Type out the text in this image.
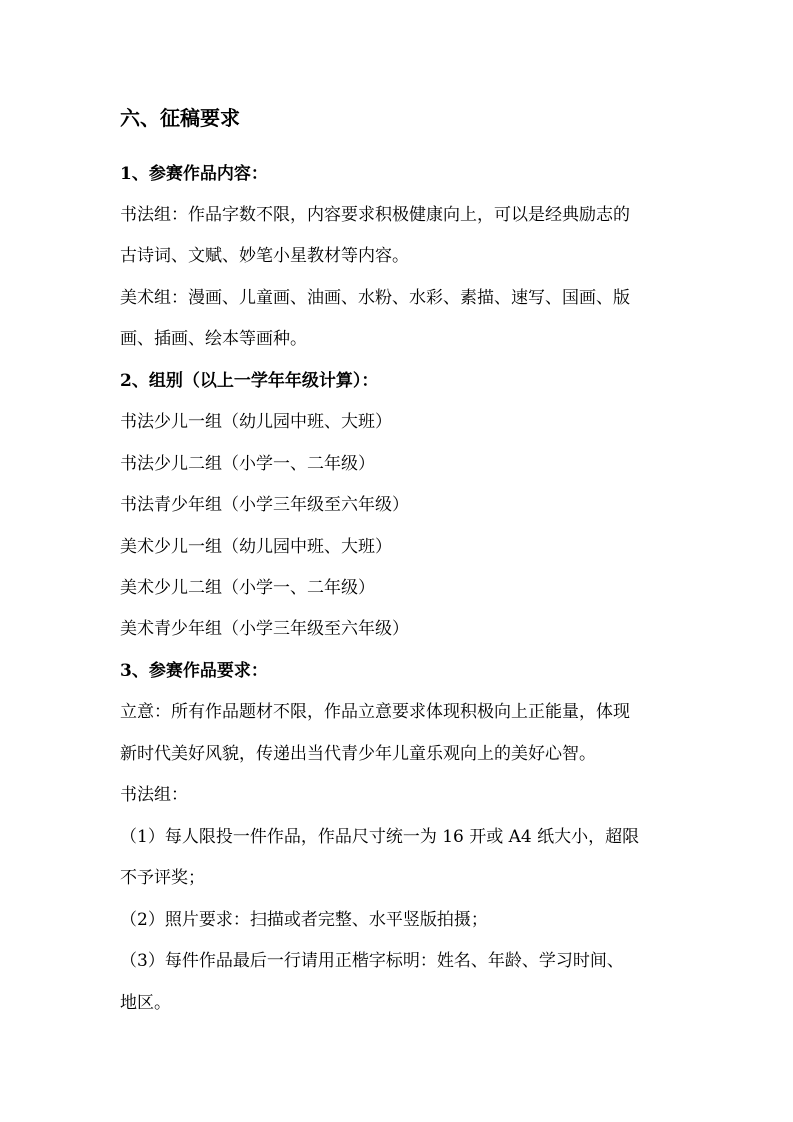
六、征稿要求
1、参赛作品内容：
书法组：作品字数不限，内容要求积极健康向上，可以是经典励志的
古诗词、文赋、妙笔小星教材等内容。
美术组：漫画、儿童画、油画、水粉、水彩、素描、速写、国画、版
画、插画、绘本等画种。
2、组别（以上一学年年级计算）：
书法少儿一组（幼儿园中班、大班）
书法少儿二组（小学一、二年级）
书法青少年组（小学三年级至六年级）
美术少儿一组（幼儿园中班、大班）
美术少儿二组（小学一、二年级）
美术青少年组（小学三年级至六年级）
3、参赛作品要求：
立意：所有作品题材不限，作品立意要求体现积极向上正能量，体现
新时代美好风貌，传递出当代青少年儿童乐观向上的美好心智。
书法组：
（1）每人限投一件作品，作品尺寸统一为 16 开或 A4 纸大小，超限
不予评奖；
（2）照片要求：扫描或者完整、水平竖版拍摄；
（3）每件作品最后一行请用正楷字标明：姓名、年龄、学习时间、
地区。
